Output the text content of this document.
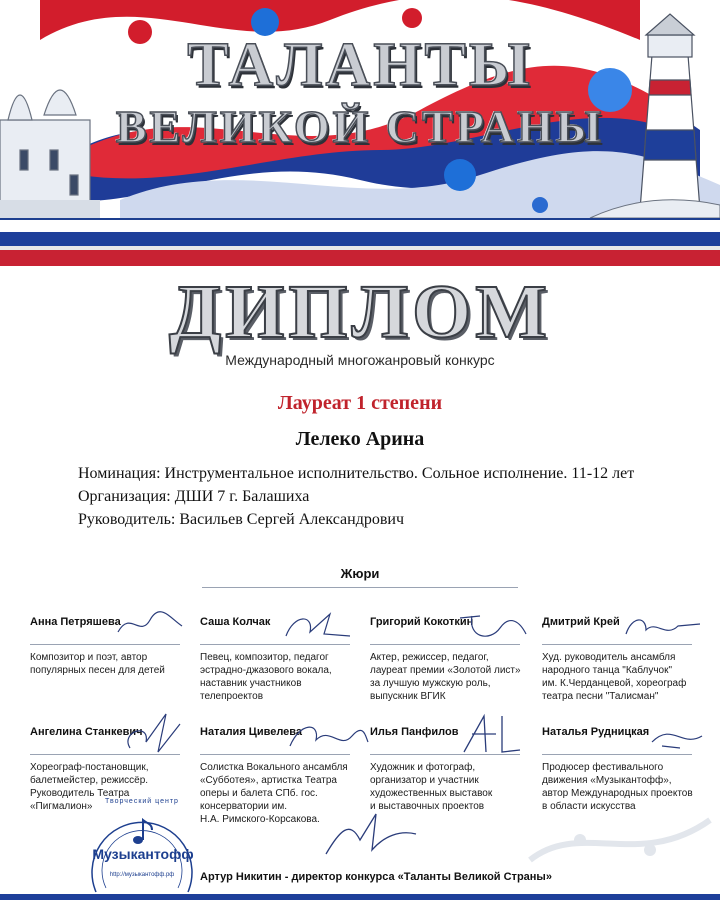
ТАЛАНТЫ
ВЕЛИКОЙ СТРАНЫ
ДИПЛОМ
Международный многожанровый конкурс
Лауреат 1 степени
Лелеко Арина
Номинация: Инструментальное исполнительство. Сольное исполнение. 11-12 лет
Организация: ДШИ 7 г. Балашиха
Руководитель: Васильев Сергей Александрович
Жюри
Анна Петряшева
Композитор и поэт, автор
популярных песен для детей
Саша Колчак
Певец, композитор, педагог
эстрадно-джазового вокала,
наставник участников
телепроектов
Григорий Кокоткин
Актер, режиссер, педагог,
лауреат премии «Золотой лист»
за лучшую мужскую роль,
выпускник ВГИК
Дмитрий Крей
Худ. руководитель ансамбля
народного танца "Каблучок"
им. К.Черданцевой, хореограф
театра песни "Талисман"
Ангелина Станкевич
Хореограф-постановщик,
балетмейстер, режиссёр.
Руководитель Театра
«Пигмалион»
Наталия Цивелева
Солистка Вокального ансамбля
«Субботея», артистка Театра
оперы и балета СПб. гос.
консерватории им.
Н.А. Римского-Корсакова.
Илья Панфилов
Художник и фотограф,
организатор и участник
художественных выставок
и выставочных проектов
Наталья Рудницкая
Продюсер фестивального
движения «Музыкантофф»,
автор Международных проектов
в области искусства
Артур Никитин - директор конкурса «Таланты Великой Страны»
Творческий центр
Музыкантофф
http://музыкантофф.рф
